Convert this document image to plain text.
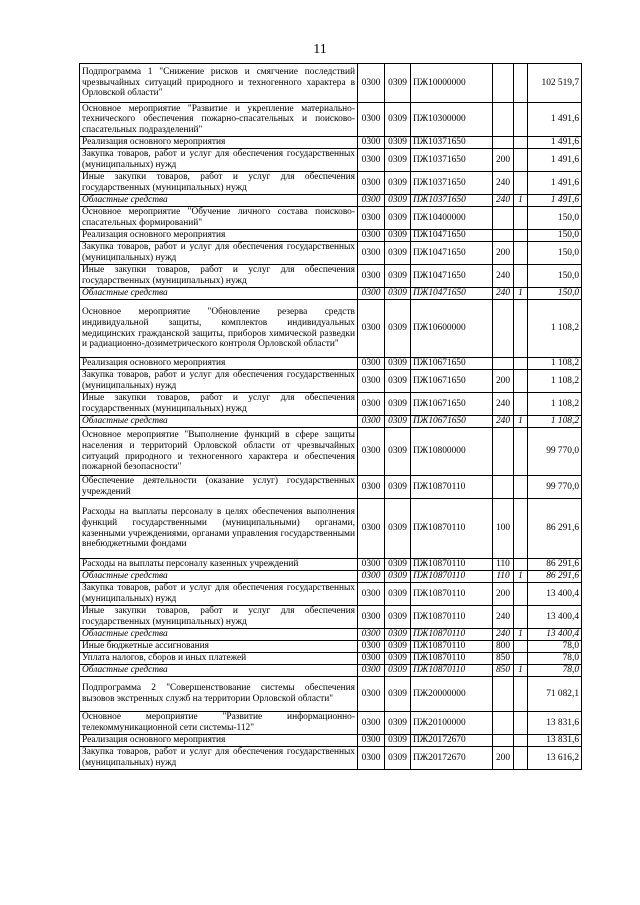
11
Подпрограмма 1 "Снижение рисков и смягчение последствий чрезвычайных ситуаций природного и техногенного характера в Орловской области"	0300	0309	ПЖ10000000			102 519,7
Основное мероприятие "Развитие и укрепление материально-технического обеспечения пожарно-спасательных и поисково-спасательных подразделений"	0300	0309	ПЖ10300000			1 491,6
Реализация основного мероприятия	0300	0309	ПЖ10371650			1 491,6
Закупка товаров, работ и услуг для обеспечения государственных (муниципальных) нужд	0300	0309	ПЖ10371650	200		1 491,6
Иные закупки товаров, работ и услуг для обеспечения государственных (муниципальных) нужд	0300	0309	ПЖ10371650	240		1 491,6
Областные средства	0300	0309	ПЖ10371650	240	1	1 491,6
Основное мероприятие "Обучение личного состава поисково-спасательных формирований"	0300	0309	ПЖ10400000			150,0
Реализация основного мероприятия	0300	0309	ПЖ10471650			150,0
Закупка товаров, работ и услуг для обеспечения государственных (муниципальных) нужд	0300	0309	ПЖ10471650	200		150,0
Иные закупки товаров, работ и услуг для обеспечения государственных (муниципальных) нужд	0300	0309	ПЖ10471650	240		150,0
Областные средства	0300	0309	ПЖ10471650	240	1	150,0
Основное мероприятие "Обновление резерва средств индивидуальной защиты, комплектов индивидуальных медицинских гражданской защиты, приборов химической разведки и радиационно-дозиметрического контроля Орловской области"	0300	0309	ПЖ10600000			1 108,2
Реализация основного мероприятия	0300	0309	ПЖ10671650			1 108,2
Закупка товаров, работ и услуг для обеспечения государственных (муниципальных) нужд	0300	0309	ПЖ10671650	200		1 108,2
Иные закупки товаров, работ и услуг для обеспечения государственных (муниципальных) нужд	0300	0309	ПЖ10671650	240		1 108,2
Областные средства	0300	0309	ПЖ10671650	240	1	1 108,2
Основное мероприятие "Выполнение функций в сфере защиты населения и территорий Орловской области от чрезвычайных ситуаций природного и техногенного характера и обеспечения пожарной безопасности"	0300	0309	ПЖ10800000			99 770,0
Обеспечение деятельности (оказание услуг) государственных учреждений	0300	0309	ПЖ10870110			99 770,0
Расходы на выплаты персоналу в целях обеспечения выполнения функций государственными (муниципальными) органами, казенными учреждениями, органами управления государственными внебюджетными фондами	0300	0309	ПЖ10870110	100		86 291,6
Расходы на выплаты персоналу казенных учреждений	0300	0309	ПЖ10870110	110		86 291,6
Областные средства	0300	0309	ПЖ10870110	110	1	86 291,6
Закупка товаров, работ и услуг для обеспечения государственных (муниципальных) нужд	0300	0309	ПЖ10870110	200		13 400,4
Иные закупки товаров, работ и услуг для обеспечения государственных (муниципальных) нужд	0300	0309	ПЖ10870110	240		13 400,4
Областные средства	0300	0309	ПЖ10870110	240	1	13 400,4
Иные бюджетные ассигнования	0300	0309	ПЖ10870110	800		78,0
Уплата налогов, сборов и иных платежей	0300	0309	ПЖ10870110	850		78,0
Областные средства	0300	0309	ПЖ10870110	850	1	78,0
Подпрограмма 2 "Совершенствование системы обеспечения вызовов экстренных служб на территории Орловской области"	0300	0309	ПЖ20000000			71 082,1
Основное мероприятие "Развитие информационно-телекоммуникационной сети системы-112"	0300	0309	ПЖ20100000			13 831,6
Реализация основного мероприятия	0300	0309	ПЖ20172670			13 831,6
Закупка товаров, работ и услуг для обеспечения государственных (муниципальных) нужд	0300	0309	ПЖ20172670	200		13 616,2
